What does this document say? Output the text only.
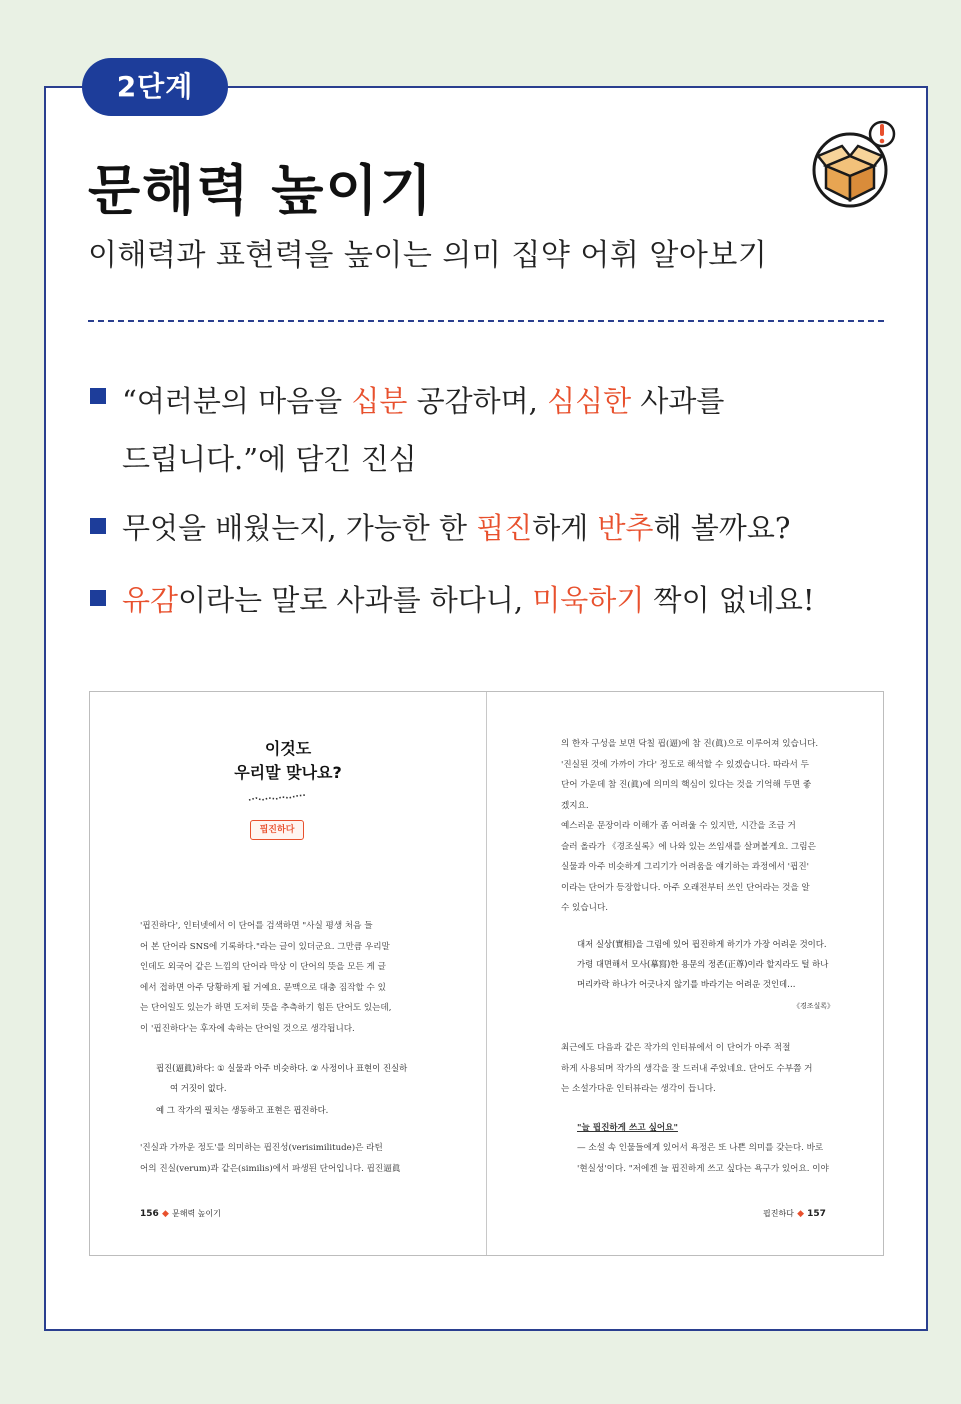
2단계
문해력 높이기
이해력과 표현력을 높이는 의미 집약 어휘 알아보기
“여러분의 마음을 십분 공감하며, 심심한 사과를
드립니다.”에 담긴 진심
무엇을 배웠는지, 가능한 한 핍진하게 반추해 볼까요?
유감이라는 말로 사과를 하다니, 미욱하기 짝이 없네요!
이것도
우리말 맞나요?
핍진하다
'핍진하다', 인터넷에서 이 단어를 검색하면 "사실 평생 처음 들
어 본 단어라 SNS에 기록하다."라는 글이 있더군요. 그만큼 우리말
인데도 외국어 같은 느낌의 단어라 막상 이 단어의 뜻을 모든 게 글
에서 접하면 아주 당황하게 될 거예요. 문맥으로 대충 짐작할 수 있
는 단어일도 있는가 하면 도저히 뜻을 추측하기 힘든 단어도 있는데,
이 '핍진하다'는 후자에 속하는 단어일 것으로 생각됩니다.
핍진(逼眞)하다: ① 실물과 아주 비슷하다. ② 사정이나 표현이 진실하
여 거짓이 없다.
예 그 작가의 필치는 생동하고 표현은 핍진하다.
'진실과 가까운 정도'를 의미하는 핍진성(verisimilitude)은 라틴
어의 진실(verum)과 같은(similis)에서 파생된 단어입니다. 핍진逼眞
156 ◆ 문해력 높이기
의 한자 구성을 보면 닥칠 핍(逼)에 참 진(眞)으로 이루어져 있습니다.
'진실된 것에 가까이 가다' 정도로 해석할 수 있겠습니다. 따라서 두
단어 가운데 참 진(眞)에 의미의 핵심이 있다는 것을 기억해 두면 좋
겠지요.
예스러운 문장이라 이해가 좀 어려울 수 있지만, 시간을 조금 거
슬러 올라가 《경조실록》에 나와 있는 쓰임새를 살펴볼게요. 그림은
실물과 아주 비슷하게 그리기가 어려움을 얘기하는 과정에서 '핍진'
이라는 단어가 등장합니다. 아주 오래전부터 쓰인 단어라는 것을 알
수 있습니다.
대저 실상(實相)을 그림에 있어 핍진하게 하기가 가장 어려운 것이다.
가령 대면해서 모사(摹寫)한 용문의 정존(正尊)이라 할지라도 털 하나
머리카락 하나가 어긋나지 않기를 바라기는 어려운 것인데…
《경조실록》
최근에도 다음과 같은 작가의 인터뷰에서 이 단어가 아주 적절
하게 사용되며 작가의 생각을 잘 드러내 주었네요. 단어도 수부쯤 거
는 소설가다운 인터뷰라는 생각이 듭니다.
"늘 핍진하게 쓰고 싶어요"
— 소설 속 인물들에게 있어서 욕정은 또 나쁜 의미를 갖는다. 바로
'현실성'이다. "저에겐 늘 핍진하게 쓰고 싶다는 욕구가 있어요. 이야
핍진하다 ◆ 157
